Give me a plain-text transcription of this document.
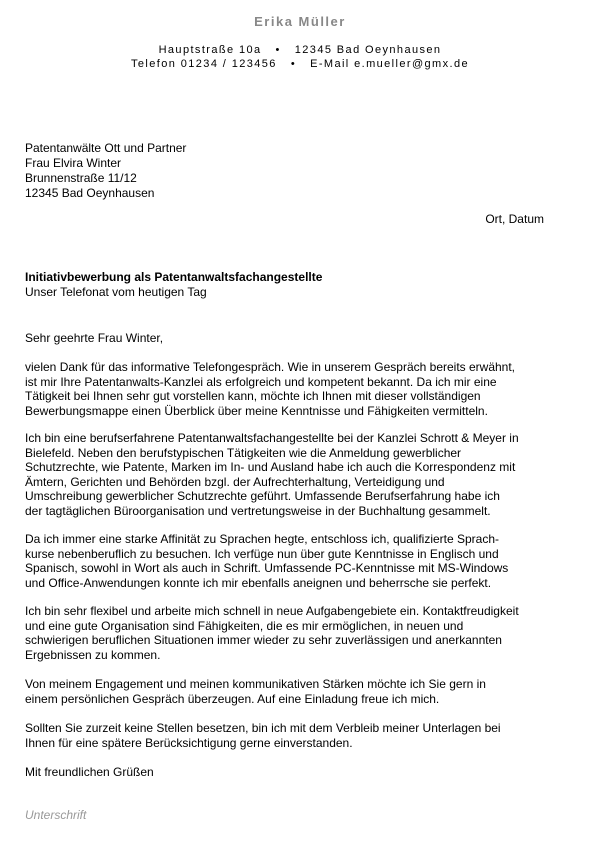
Erika Müller
Hauptstraße 10a • 12345 Bad Oeynhausen
Telefon 01234 / 123456 • E-Mail e.mueller@gmx.de
Patentanwälte Ott und Partner
Frau Elvira Winter
Brunnenstraße 11/12
12345 Bad Oeynhausen
Ort, Datum
Initiativbewerbung als Patentanwaltsfachangestellte
Unser Telefonat vom heutigen Tag
Sehr geehrte Frau Winter,
vielen Dank für das informative Telefongespräch. Wie in unserem Gespräch bereits erwähnt,
ist mir Ihre Patentanwalts-Kanzlei als erfolgreich und kompetent bekannt. Da ich mir eine
Tätigkeit bei Ihnen sehr gut vorstellen kann, möchte ich Ihnen mit dieser vollständigen
Bewerbungsmappe einen Überblick über meine Kenntnisse und Fähigkeiten vermitteln.
Ich bin eine berufserfahrene Patentanwaltsfachangestellte bei der Kanzlei Schrott & Meyer in
Bielefeld. Neben den berufstypischen Tätigkeiten wie die Anmeldung gewerblicher
Schutzrechte, wie Patente, Marken im In- und Ausland habe ich auch die Korrespondenz mit
Ämtern, Gerichten und Behörden bzgl. der Aufrechterhaltung, Verteidigung und
Umschreibung gewerblicher Schutzrechte geführt. Umfassende Berufserfahrung habe ich
der tagtäglichen Büroorganisation und vertretungsweise in der Buchhaltung gesammelt.
Da ich immer eine starke Affinität zu Sprachen hegte, entschloss ich, qualifizierte Sprach-
kurse nebenberuflich zu besuchen. Ich verfüge nun über gute Kenntnisse in Englisch und
Spanisch, sowohl in Wort als auch in Schrift. Umfassende PC-Kenntnisse mit MS-Windows
und Office-Anwendungen konnte ich mir ebenfalls aneignen und beherrsche sie perfekt.
Ich bin sehr flexibel und arbeite mich schnell in neue Aufgabengebiete ein. Kontaktfreudigkeit
und eine gute Organisation sind Fähigkeiten, die es mir ermöglichen, in neuen und
schwierigen beruflichen Situationen immer wieder zu sehr zuverlässigen und anerkannten
Ergebnissen zu kommen.
Von meinem Engagement und meinen kommunikativen Stärken möchte ich Sie gern in
einem persönlichen Gespräch überzeugen. Auf eine Einladung freue ich mich.
Sollten Sie zurzeit keine Stellen besetzen, bin ich mit dem Verbleib meiner Unterlagen bei
Ihnen für eine spätere Berücksichtigung gerne einverstanden.
Mit freundlichen Grüßen
Unterschrift
